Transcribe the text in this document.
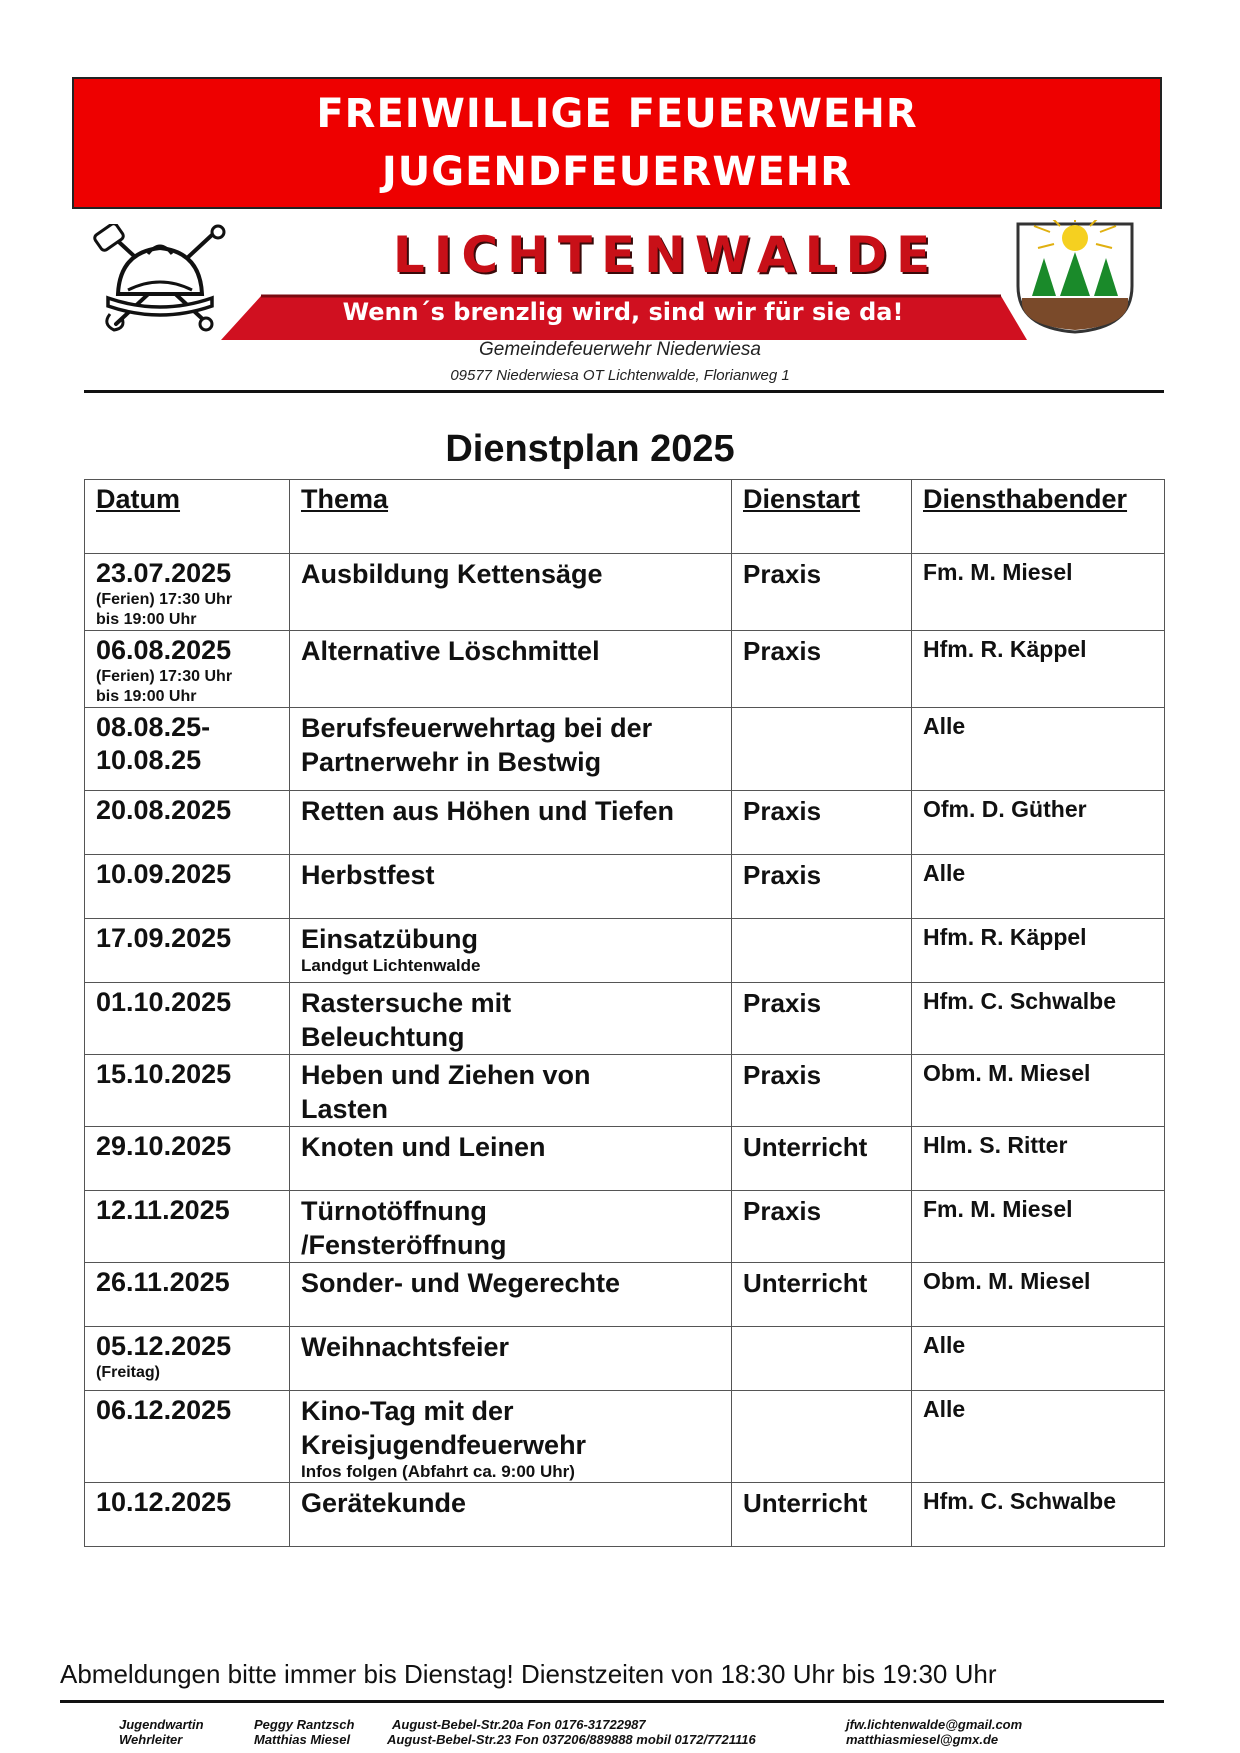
FREIWILLIGE FEUERWEHR
JUGENDFEUERWEHR
LICHTENWALDE
Wenn´s brenzlig wird, sind wir für sie da!
Gemeindefeuerwehr Niederwiesa
09577 Niederwiesa OT Lichtenwalde, Florianweg 1
Dienstplan 2025
Datum	Thema	Dienstart	Diensthabender

23.07.2025
(Ferien) 17:30 Uhr
bis 19:00 Uhr	Ausbildung Kettensäge	Praxis	Fm. M. Miesel

06.08.2025
(Ferien) 17:30 Uhr
bis 19:00 Uhr	Alternative Löschmittel	Praxis	Hfm. R. Käppel

08.08.25-
10.08.25	Berufsfeuerwehrtag bei der
Partnerwehr in Bestwig		Alle

20.08.2025	Retten aus Höhen und Tiefen	Praxis	Ofm. D. Güther

10.09.2025	Herbstfest	Praxis	Alle

17.09.2025	Einsatzübung
Landgut Lichtenwalde		Hfm. R. Käppel

01.10.2025	Rastersuche mit
Beleuchtung	Praxis	Hfm. C. Schwalbe

15.10.2025	Heben und Ziehen von
Lasten	Praxis	Obm. M. Miesel

29.10.2025	Knoten und Leinen	Unterricht	Hlm. S. Ritter

12.11.2025	Türnotöffnung
/Fensteröffnung	Praxis	Fm. M. Miesel

26.11.2025	Sonder- und Wegerechte	Unterricht	Obm. M. Miesel

05.12.2025
(Freitag)	Weihnachtsfeier		Alle

06.12.2025	Kino-Tag mit der
Kreisjugendfeuerwehr
Infos folgen (Abfahrt ca. 9:00 Uhr)		Alle

10.12.2025	Gerätekunde	Unterricht	Hfm. C. Schwalbe
Abmeldungen bitte immer bis Dienstag! Dienstzeiten von 18:30 Uhr bis 19:30 Uhr
Jugendwartin	Peggy Rantzsch	August-Bebel-Str.20a Fon 0176-31722987	jfw.lichtenwalde@gmail.com
Wehrleiter	Matthias Miesel	August-Bebel-Str.23 Fon 037206/889888 mobil 0172/7721116	matthiasmiesel@gmx.de
